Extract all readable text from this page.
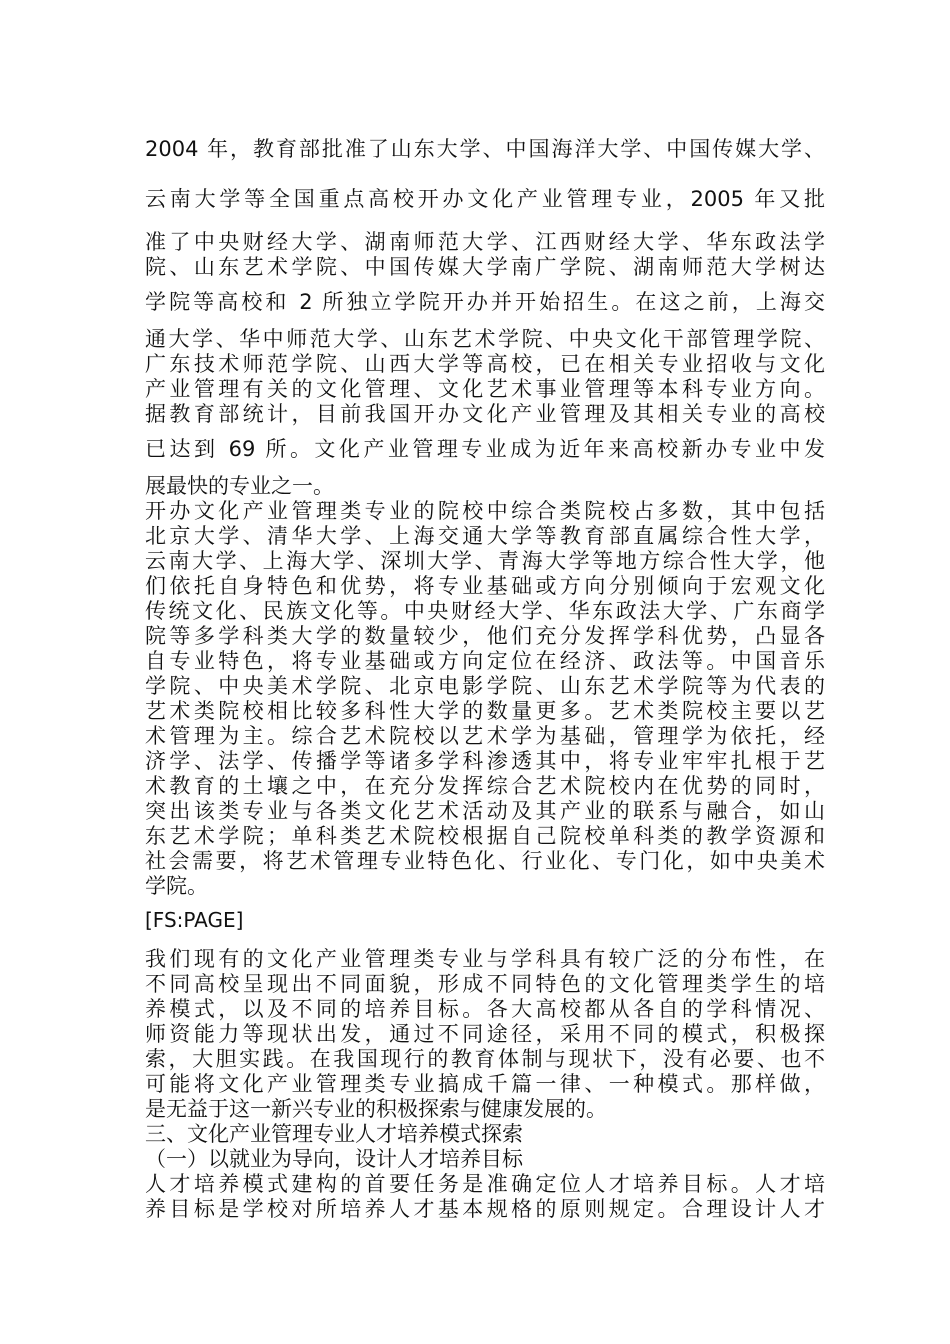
2004 年，教育部批准了山东大学、中国海洋大学、中国传媒大学、
云南大学等全国重点高校开办文化产业管理专业，2005 年又批
准了中央财经大学、湖南师范大学、江西财经大学、华东政法学
院、山东艺术学院、中国传媒大学南广学院、湖南师范大学树达
学院等高校和 2 所独立学院开办并开始招生。在这之前，上海交
通大学、华中师范大学、山东艺术学院、中央文化干部管理学院、
广东技术师范学院、山西大学等高校，已在相关专业招收与文化
产业管理有关的文化管理、文化艺术事业管理等本科专业方向。
据教育部统计，目前我国开办文化产业管理及其相关专业的高校
已达到 69 所。文化产业管理专业成为近年来高校新办专业中发
展最快的专业之一。
开办文化产业管理类专业的院校中综合类院校占多数，其中包括
北京大学、清华大学、上海交通大学等教育部直属综合性大学，
云南大学、上海大学、深圳大学、青海大学等地方综合性大学，他
们依托自身特色和优势，将专业基础或方向分别倾向于宏观文化
传统文化、民族文化等。中央财经大学、华东政法大学、广东商学
院等多学科类大学的数量较少，他们充分发挥学科优势，凸显各
自专业特色，将专业基础或方向定位在经济、政法等。中国音乐
学院、中央美术学院、北京电影学院、山东艺术学院等为代表的
艺术类院校相比较多科性大学的数量更多。艺术类院校主要以艺
术管理为主。综合艺术院校以艺术学为基础，管理学为依托，经
济学、法学、传播学等诸多学科渗透其中，将专业牢牢扎根于艺
术教育的土壤之中，在充分发挥综合艺术院校内在优势的同时，
突出该类专业与各类文化艺术活动及其产业的联系与融合，如山
东艺术学院；单科类艺术院校根据自己院校单科类的教学资源和
社会需要，将艺术管理专业特色化、行业化、专门化，如中央美术
学院。
[FS:PAGE]
我们现有的文化产业管理类专业与学科具有较广泛的分布性，在
不同高校呈现出不同面貌，形成不同特色的文化管理类学生的培
养模式，以及不同的培养目标。各大高校都从各自的学科情况、
师资能力等现状出发，通过不同途径，采用不同的模式，积极探
索，大胆实践。在我国现行的教育体制与现状下，没有必要、也不
可能将文化产业管理类专业搞成千篇一律、一种模式。那样做，
是无益于这一新兴专业的积极探索与健康发展的。
三、文化产业管理专业人才培养模式探索
（一）以就业为导向，设计人才培养目标
人才培养模式建构的首要任务是准确定位人才培养目标。人才培
养目标是学校对所培养人才基本规格的原则规定。合理设计人才
